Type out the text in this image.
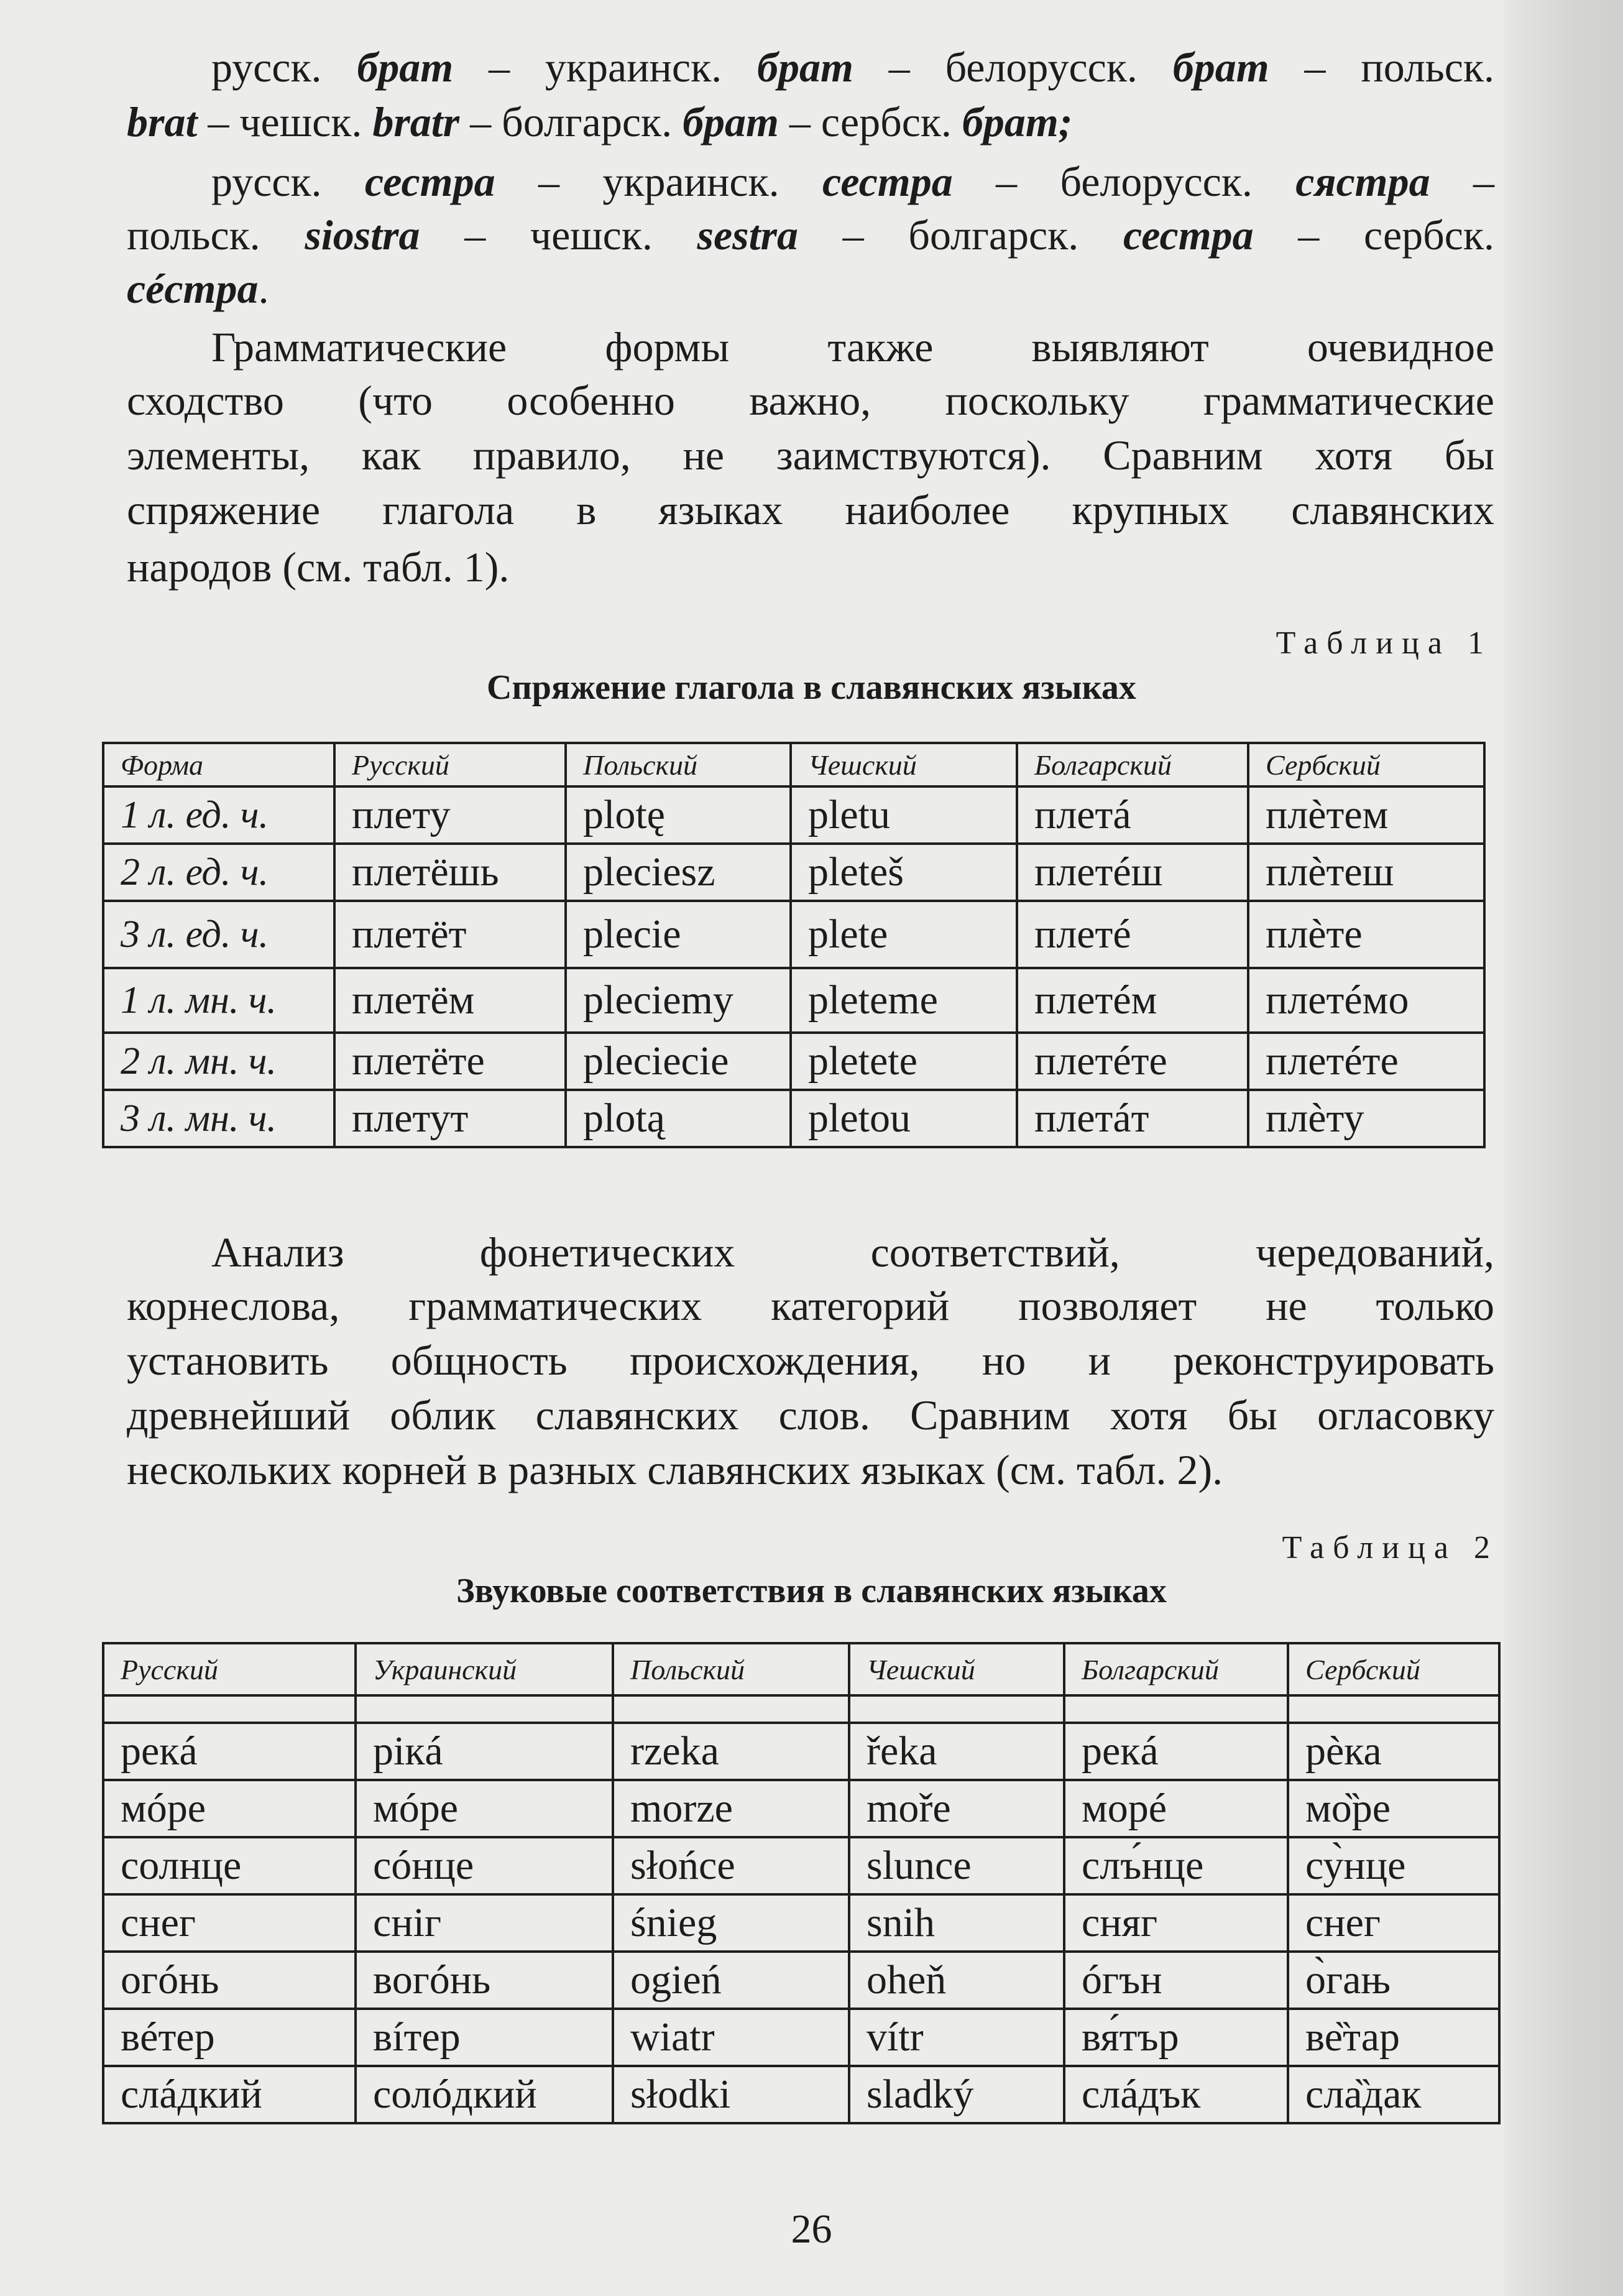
русск. брат – украинск. брат – белорусск. брат – польск.

brat – чешск. bratr – болгарск. брат – сербск. брат;

русск. сестра – украинск. сестра – белорусск. сястра –

польск. siostra – чешск. sestra – болгарск. сестра – сербск.

сéстра.

Грамматические формы также выявляют очевидное

сходство (что особенно важно, поскольку грамматические

элементы, как правило, не заимствуются). Сравним хотя бы

спряжение глагола в языках наиболее крупных славянских

народов (см. табл. 1).

Таблица 1
Спряжение глагола в славянских языках
Форма	Русский	Польский	Чешский	Болгарский	Сербский
1 л. ед. ч.	плету	plotę	pletu	плетá	плèтем
2 л. ед. ч.	плетёшь	pleciesz	pleteš	плетéш	плèтеш
3 л. ед. ч.	плетёт	plecie	plete	плетé	плèте
1 л. мн. ч.	плетём	pleciemy	pleteme	плетéм	плетéмо
2 л. мн. ч.	плетёте	pleciecie	pletete	плетéте	плетéте
3 л. мн. ч.	плетут	plotą	pletou	плетáт	плèту

Анализ фонетических соответствий, чередований,

корнеслова, грамматических категорий позволяет не только

установить общность происхождения, но и реконструировать

древнейший облик славянских слов. Сравним хотя бы огласовку

нескольких корней в разных славянских языках (см. табл. 2).

Таблица 2
Звуковые соответствия в славянских языках
Русский	Украинский	Польский	Чешский	Болгарский	Сербский

рекá	рікá	rzeka	řeka	рекá	рèка
мóре	мóре	morze	moře	морé	мо̏ре
солнце	сóнце	słońce	slunce	слъ́нце	су̀нце
снег	сніг	śnieg	snih	сняг	снег
огóнь	вогóнь	ogień	oheň	óгън	о̀гањ
вéтер	вíтер	wiatr	vítr	вя́тър	ве̏тар
слáдкий	солóдкий	słodki	sladký	слáдък	сла̏дак
26
